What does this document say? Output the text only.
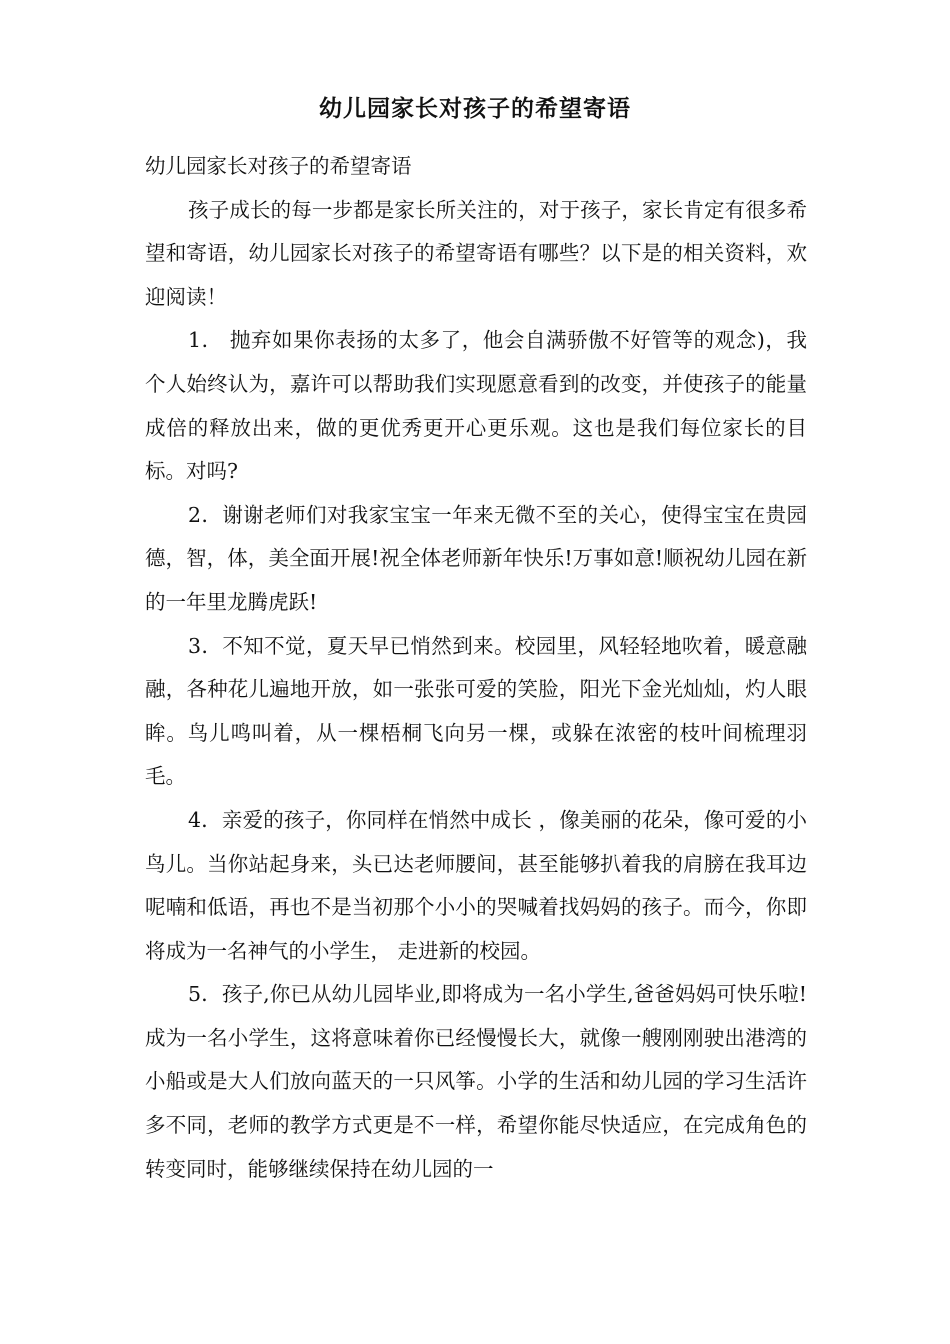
幼儿园家长对孩子的希望寄语

幼儿园家长对孩子的希望寄语

孩子成长的每一步都是家长所关注的，对于孩子，家长肯定有很多希望和寄语，幼儿园家长对孩子的希望寄语有哪些？以下是的相关资料，欢迎阅读！

1． 抛弃如果你表扬的太多了，他会自满骄傲不好管等的观念)，我个人始终认为，嘉许可以帮助我们实现愿意看到的改变，并使孩子的能量成倍的释放出来，做的更优秀更开心更乐观。这也是我们每位家长的目标。对吗?

2．谢谢老师们对我家宝宝一年来无微不至的关心，使得宝宝在贵园德，智，体，美全面开展!祝全体老师新年快乐!万事如意!顺祝幼儿园在新的一年里龙腾虎跃!

3．不知不觉，夏天早已悄然到来。校园里，风轻轻地吹着，暖意融融，各种花儿遍地开放，如一张张可爱的笑脸，阳光下金光灿灿，灼人眼眸。鸟儿鸣叫着，从一棵梧桐飞向另一棵，或躲在浓密的枝叶间梳理羽毛。

4．亲爱的孩子，你同样在悄然中成长 ，像美丽的花朵，像可爱的小鸟儿。当你站起身来，头已达老师腰间，甚至能够扒着我的肩膀在我耳边呢喃和低语，再也不是当初那个小小的哭喊着找妈妈的孩子。而今，你即将成为一名神气的小学生， 走进新的校园。

5．孩子,你已从幼儿园毕业,即将成为一名小学生,爸爸妈妈可快乐啦!成为一名小学生，这将意味着你已经慢慢长大，就像一艘刚刚驶出港湾的小船或是大人们放向蓝天的一只风筝。小学的生活和幼儿园的学习生活许多不同，老师的教学方式更是不一样，希望你能尽快适应，在完成角色的转变同时，能够继续保持在幼儿园的一
